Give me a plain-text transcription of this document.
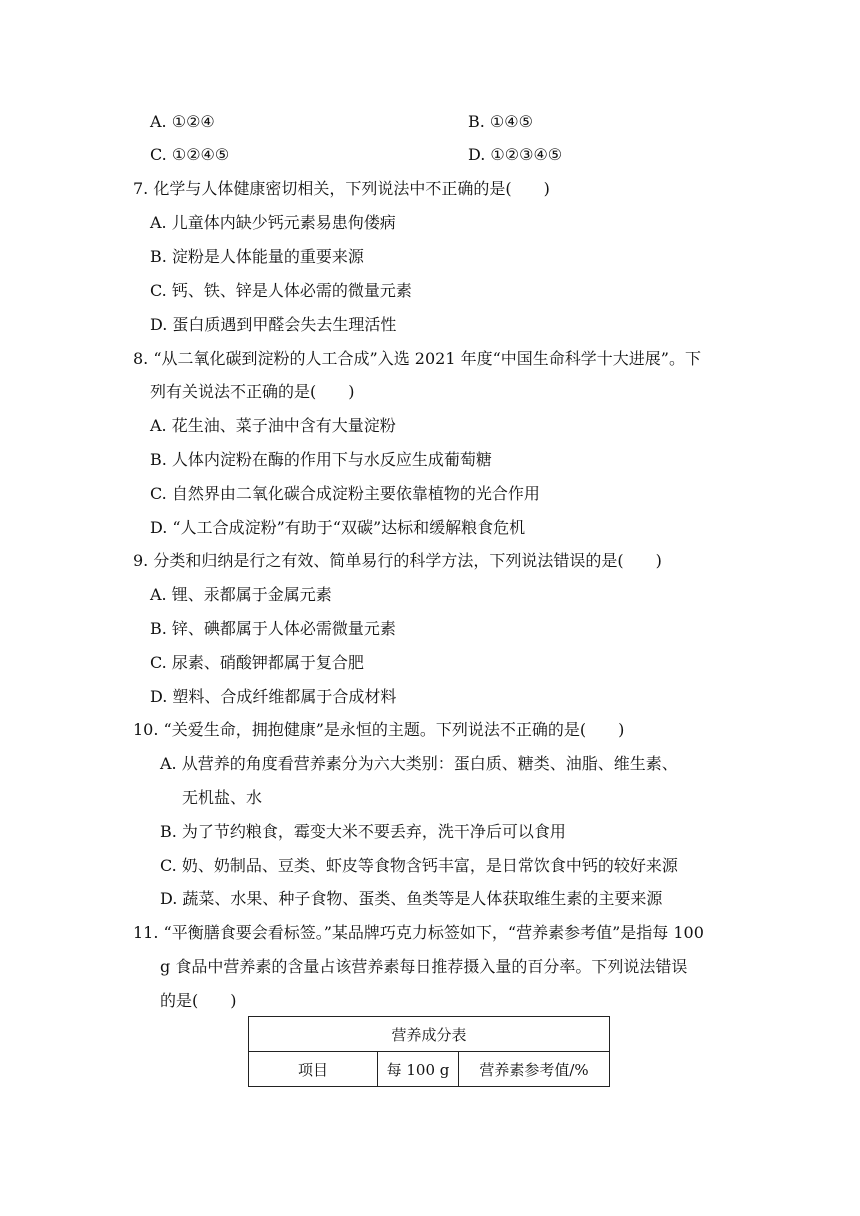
A. ①②④	B. ①④⑤
C. ①②④⑤	D. ①②③④⑤
7. 化学与人体健康密切相关，下列说法中不正确的是(　　)
A. 儿童体内缺少钙元素易患佝偻病
B. 淀粉是人体能量的重要来源
C. 钙、铁、锌是人体必需的微量元素
D. 蛋白质遇到甲醛会失去生理活性
8. “从二氧化碳到淀粉的人工合成”入选 2021 年度“中国生命科学十大进展”。下
列有关说法不正确的是(　　)
A. 花生油、菜子油中含有大量淀粉
B. 人体内淀粉在酶的作用下与水反应生成葡萄糖
C. 自然界由二氧化碳合成淀粉主要依靠植物的光合作用
D. “人工合成淀粉”有助于“双碳”达标和缓解粮食危机
9. 分类和归纳是行之有效、简单易行的科学方法，下列说法错误的是(　　)
A. 锂、汞都属于金属元素
B. 锌、碘都属于人体必需微量元素
C. 尿素、硝酸钾都属于复合肥
D. 塑料、合成纤维都属于合成材料
10. “关爱生命，拥抱健康”是永恒的主题。下列说法不正确的是(　　)
A. 从营养的角度看营养素分为六大类别：蛋白质、糖类、油脂、维生素、
无机盐、水
B. 为了节约粮食，霉变大米不要丢弃，洗干净后可以食用
C. 奶、奶制品、豆类、虾皮等食物含钙丰富，是日常饮食中钙的较好来源
D. 蔬菜、水果、种子食物、蛋类、鱼类等是人体获取维生素的主要来源
11. “平衡膳食要会看标签。”某品牌巧克力标签如下，“营养素参考值”是指每 100
g 食品中营养素的含量占该营养素每日推荐摄入量的百分率。下列说法错误
的是(　　)
营养成分表
项目	每 100 g	营养素参考值/%
